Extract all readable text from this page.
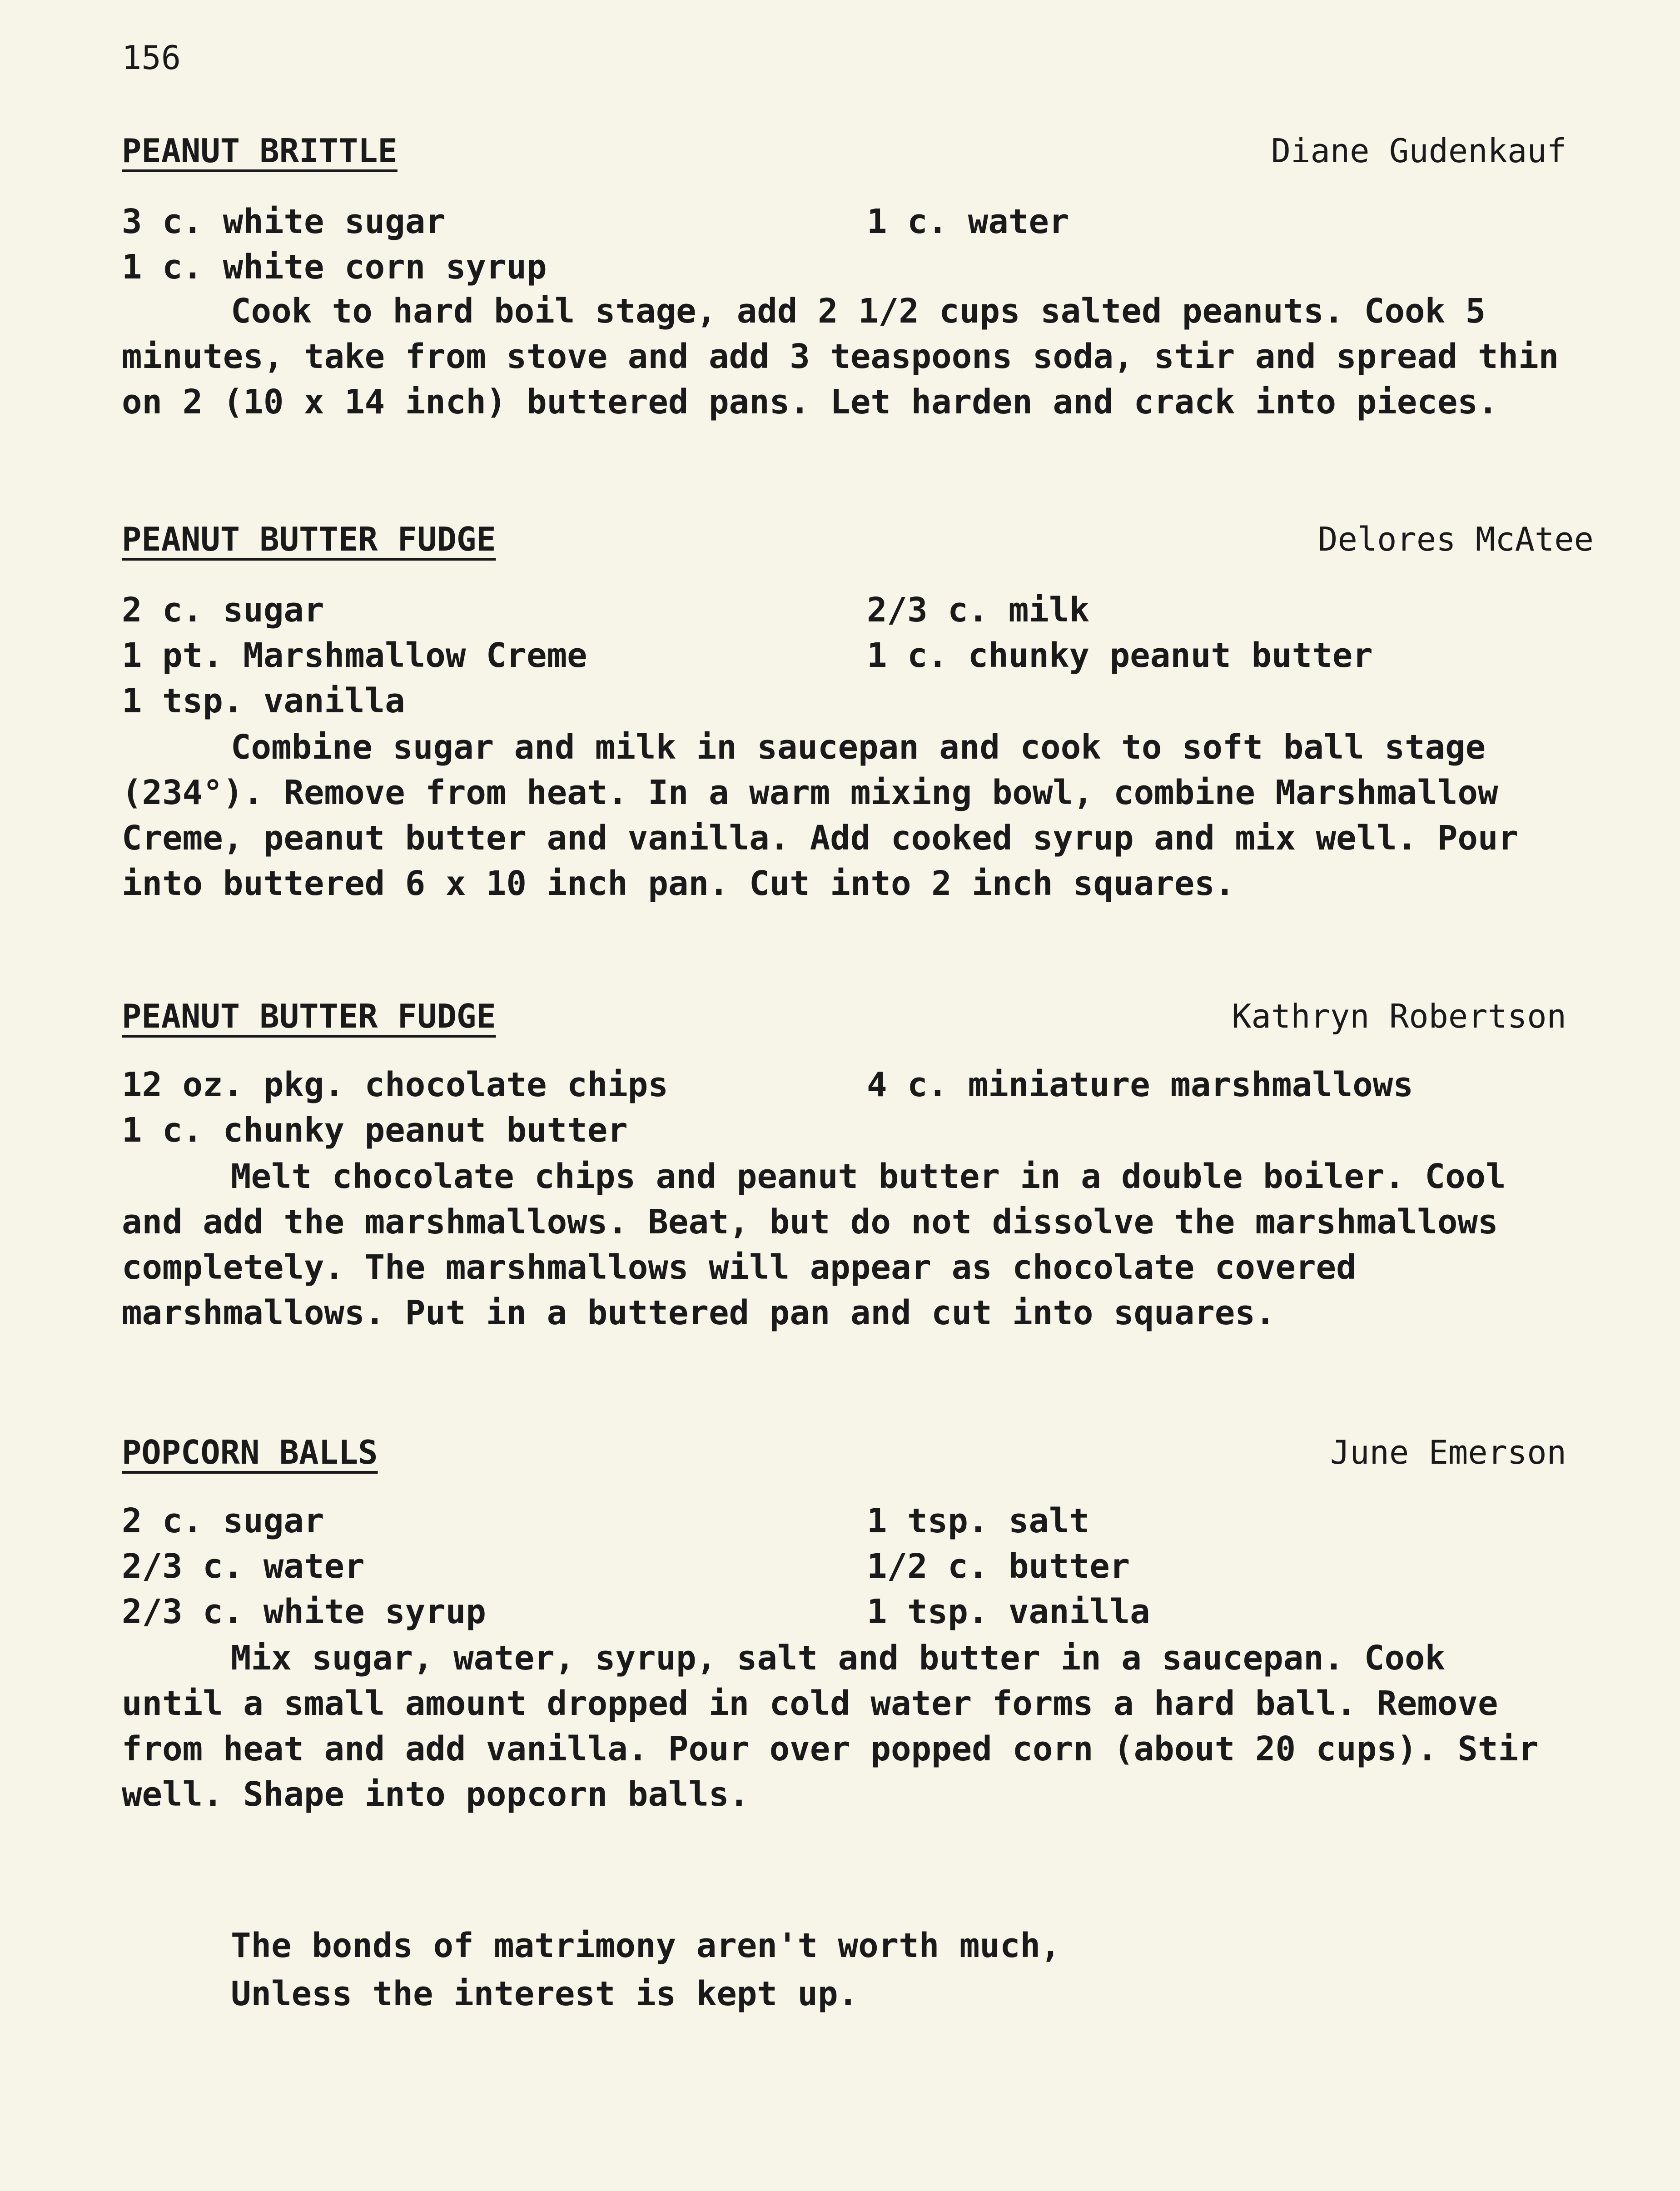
156
PEANUT BRITTLE	Diane Gudenkauf
3 c. white sugar	1 c. water
1 c. white corn syrup

Cook to hard boil stage, add 2 1/2 cups salted peanuts. Cook 5 minutes, take from stove and add 3 teaspoons soda, stir and spread thin on 2 (10 x 14 inch) buttered pans. Let harden and crack into pieces.

PEANUT BUTTER FUDGE	Delores McAtee
2 c. sugar	2/3 c. milk
1 pt. Marshmallow Creme	1 c. chunky peanut butter
1 tsp. vanilla

Combine sugar and milk in saucepan and cook to soft ball stage (234°). Remove from heat. In a warm mixing bowl, combine Marshmallow Creme, peanut butter and vanilla. Add cooked syrup and mix well. Pour into buttered 6 x 10 inch pan. Cut into 2 inch squares.

PEANUT BUTTER FUDGE	Kathryn Robertson
12 oz. pkg. chocolate chips	4 c. miniature marshmallows
1 c. chunky peanut butter

Melt chocolate chips and peanut butter in a double boiler. Cool and add the marshmallows. Beat, but do not dissolve the marshmallows completely. The marshmallows will appear as chocolate covered marshmallows. Put in a buttered pan and cut into squares.

POPCORN BALLS	June Emerson
2 c. sugar	1 tsp. salt
2/3 c. water	1/2 c. butter
2/3 c. white syrup	1 tsp. vanilla

Mix sugar, water, syrup, salt and butter in a saucepan. Cook until a small amount dropped in cold water forms a hard ball. Remove from heat and add vanilla. Pour over popped corn (about 20 cups). Stir well. Shape into popcorn balls.

The bonds of matrimony aren't worth much,
Unless the interest is kept up.
